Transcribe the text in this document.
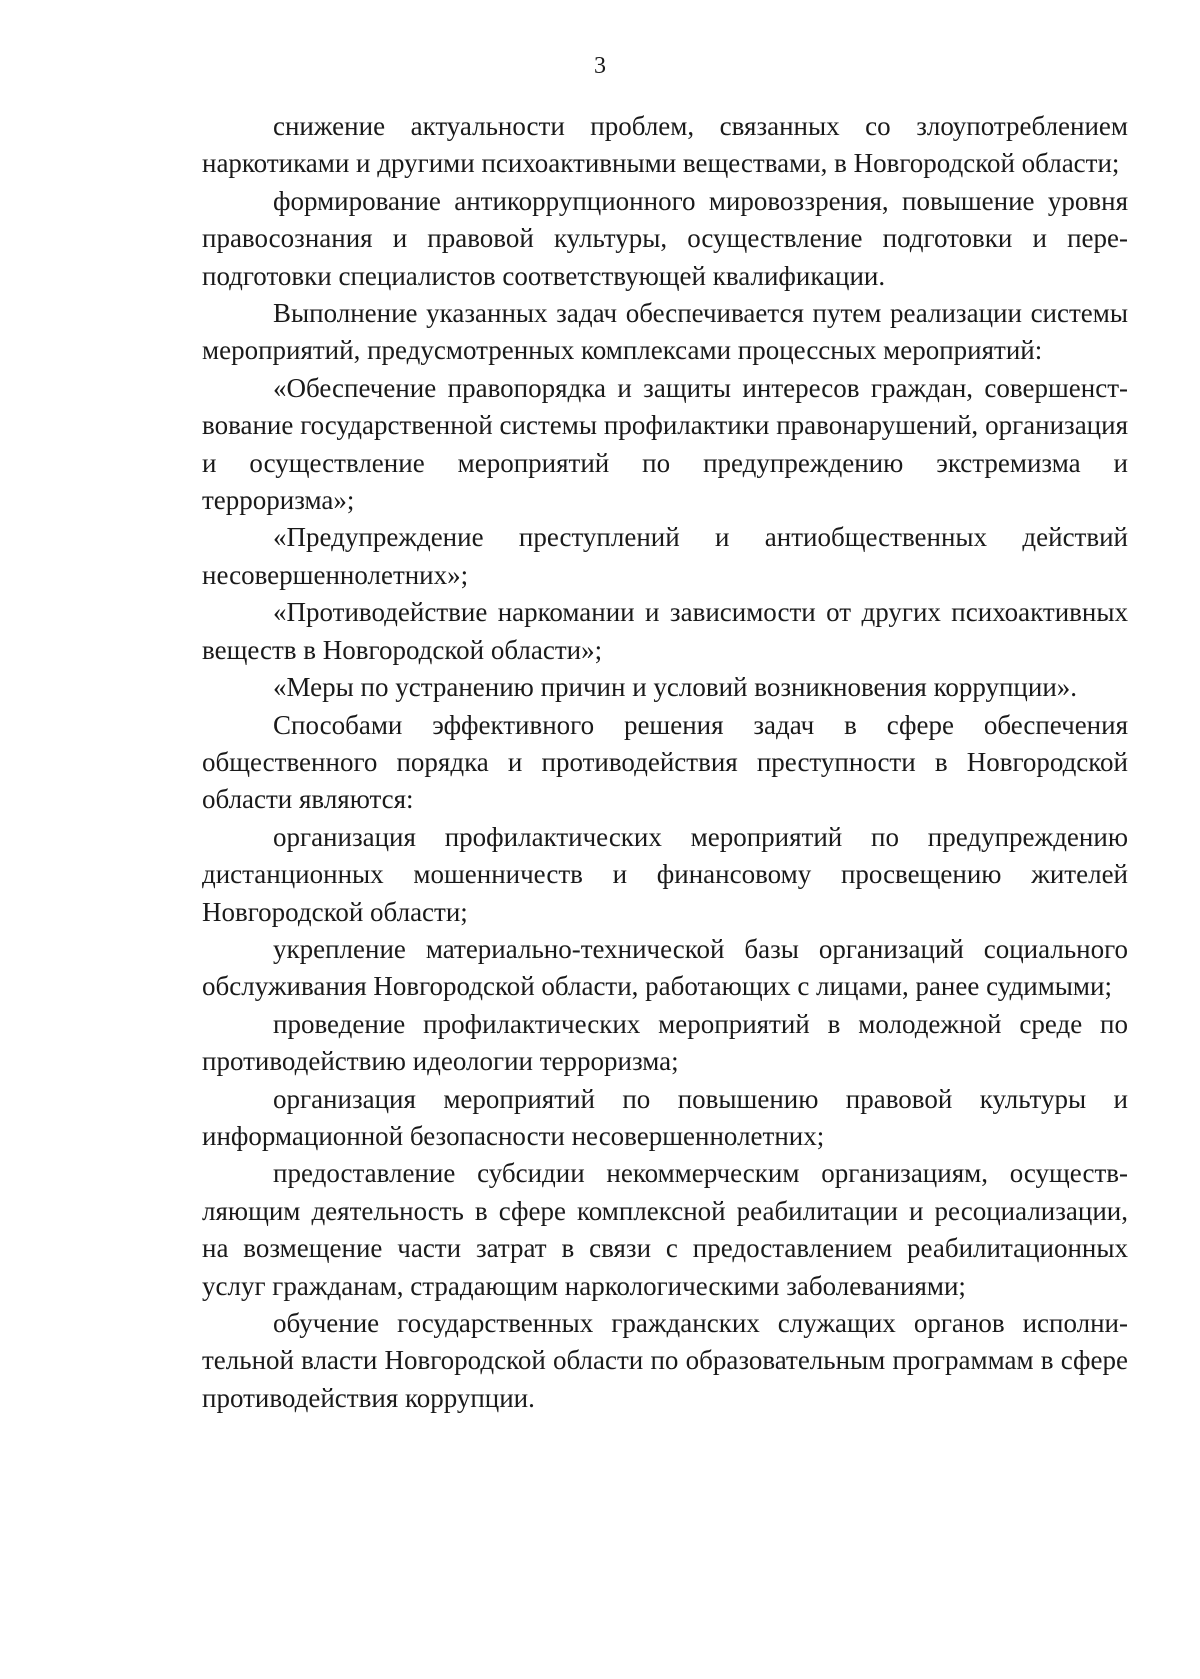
3

снижение актуальности проблем, связанных со злоупотреблением наркотиками и другими психоактивными веществами, в Новгородской области;

формирование антикоррупционного мировоззрения, повышение уровня правосознания и правовой культуры, осуществление подготовки и переподготовки специалистов соответствующей квалификации.

Выполнение указанных задач обеспечивается путем реализации системы мероприятий, предусмотренных комплексами процессных мероприятий:

«Обеспечение правопорядка и защиты интересов граждан, совершенствование государственной системы профилактики правонарушений, организация и осуществление мероприятий по предупреждению экстремизма и терроризма»;

«Предупреждение преступлений и антиобщественных действий несовершеннолетних»;

«Противодействие наркомании и зависимости от других психоактивных веществ в Новгородской области»;

«Меры по устранению причин и условий возникновения коррупции».

Способами эффективного решения задач в сфере обеспечения общественного порядка и противодействия преступности в Новгородской области являются:

организация профилактических мероприятий по предупреждению дистанционных мошенничеств и финансовому просвещению жителей Новгородской области;

укрепление материально-технической базы организаций социального обслуживания Новгородской области, работающих с лицами, ранее судимыми;

проведение профилактических мероприятий в молодежной среде по противодействию идеологии терроризма;

организация мероприятий по повышению правовой культуры и информационной безопасности несовершеннолетних;

предоставление субсидии некоммерческим организациям, осуществляющим деятельность в сфере комплексной реабилитации и ресоциализации, на возмещение части затрат в связи с предоставлением реабилитационных услуг гражданам, страдающим наркологическими заболеваниями;

обучение государственных гражданских служащих органов исполнительной власти Новгородской области по образовательным программам в сфере противодействия коррупции.
